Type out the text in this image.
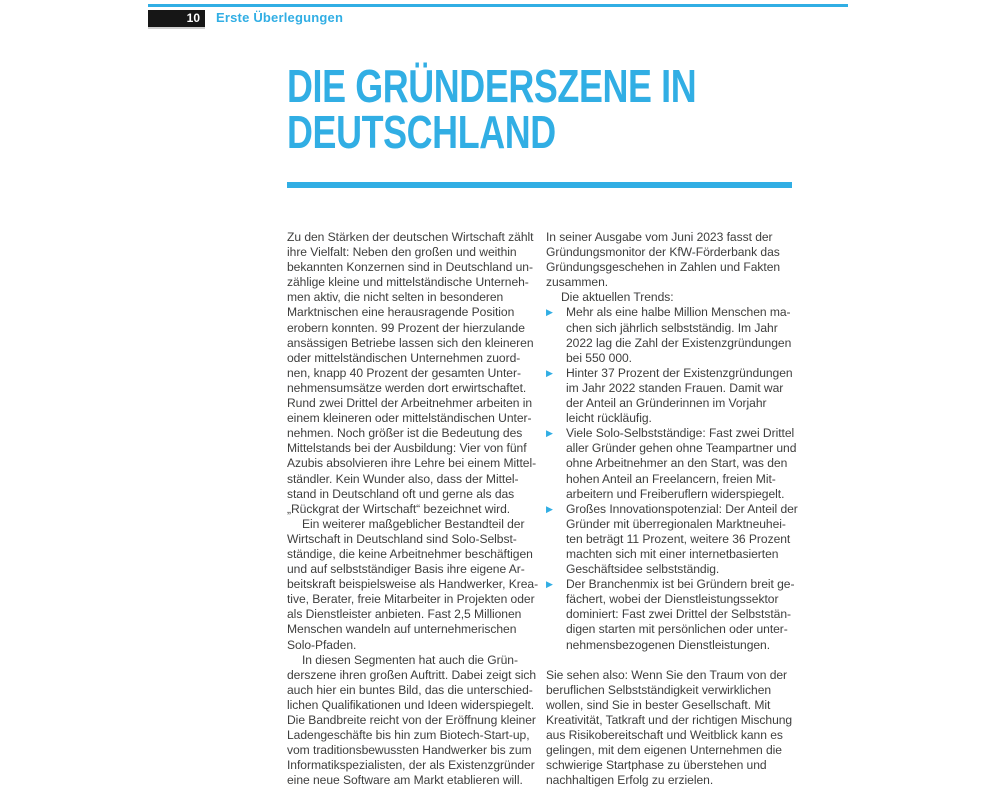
10	Erste Überlegungen
DIE GRÜNDERSZENE IN
DEUTSCHLAND
Zu den Stärken der deutschen Wirtschaft zählt
ihre Vielfalt: Neben den großen und weithin
bekannten Konzernen sind in Deutschland un-
zählige kleine und mittelständische Unterneh-
men aktiv, die nicht selten in besonderen
Marktnischen eine herausragende Position
erobern konnten. 99 Prozent der hierzulande
ansässigen Betriebe lassen sich den kleineren
oder mittelständischen Unternehmen zuord-
nen, knapp 40 Prozent der gesamten Unter-
nehmensumsätze werden dort erwirtschaftet.
Rund zwei Drittel der Arbeitnehmer arbeiten in
einem kleineren oder mittelständischen Unter-
nehmen. Noch größer ist die Bedeutung des
Mittelstands bei der Ausbildung: Vier von fünf
Azubis absolvieren ihre Lehre bei einem Mittel-
ständler. Kein Wunder also, dass der Mittel-
stand in Deutschland oft und gerne als das
„Rückgrat der Wirtschaft“ bezeichnet wird.
Ein weiterer maßgeblicher Bestandteil der
Wirtschaft in Deutschland sind Solo-Selbst-
ständige, die keine Arbeitnehmer beschäftigen
und auf selbstständiger Basis ihre eigene Ar-
beitskraft beispielsweise als Handwerker, Krea-
tive, Berater, freie Mitarbeiter in Projekten oder
als Dienstleister anbieten. Fast 2,5 Millionen
Menschen wandeln auf unternehmerischen
Solo-Pfaden.
In diesen Segmenten hat auch die Grün-
derszene ihren großen Auftritt. Dabei zeigt sich
auch hier ein buntes Bild, das die unterschied-
lichen Qualifikationen und Ideen widerspiegelt.
Die Bandbreite reicht von der Eröffnung kleiner
Ladengeschäfte bis hin zum Biotech-Start-up,
vom traditionsbewussten Handwerker bis zum
Informatikspezialisten, der als Existenzgründer
eine neue Software am Markt etablieren will.
In seiner Ausgabe vom Juni 2023 fasst der
Gründungsmonitor der KfW-Förderbank das
Gründungsgeschehen in Zahlen und Fakten
zusammen.
Die aktuellen Trends:
▶	Mehr als eine halbe Million Menschen ma-
chen sich jährlich selbstständig. Im Jahr
2022 lag die Zahl der Existenzgründungen
bei 550 000.
▶	Hinter 37 Prozent der Existenzgründungen
im Jahr 2022 standen Frauen. Damit war
der Anteil an Gründerinnen im Vorjahr
leicht rückläufig.
▶	Viele Solo-Selbstständige: Fast zwei Drittel
aller Gründer gehen ohne Teampartner und
ohne Arbeitnehmer an den Start, was den
hohen Anteil an Freelancern, freien Mit-
arbeitern und Freiberuflern widerspiegelt.
▶	Großes Innovationspotenzial: Der Anteil der
Gründer mit überregionalen Marktneuhei-
ten beträgt 11 Prozent, weitere 36 Prozent
machten sich mit einer internetbasierten
Geschäftsidee selbstständig.
▶	Der Branchenmix ist bei Gründern breit ge-
fächert, wobei der Dienstleistungssektor
dominiert: Fast zwei Drittel der Selbststän-
digen starten mit persönlichen oder unter-
nehmensbezogenen Dienstleistungen.
Sie sehen also: Wenn Sie den Traum von der
beruflichen Selbstständigkeit verwirklichen
wollen, sind Sie in bester Gesellschaft. Mit
Kreativität, Tatkraft und der richtigen Mischung
aus Risikobereitschaft und Weitblick kann es
gelingen, mit dem eigenen Unternehmen die
schwierige Startphase zu überstehen und
nachhaltigen Erfolg zu erzielen.
